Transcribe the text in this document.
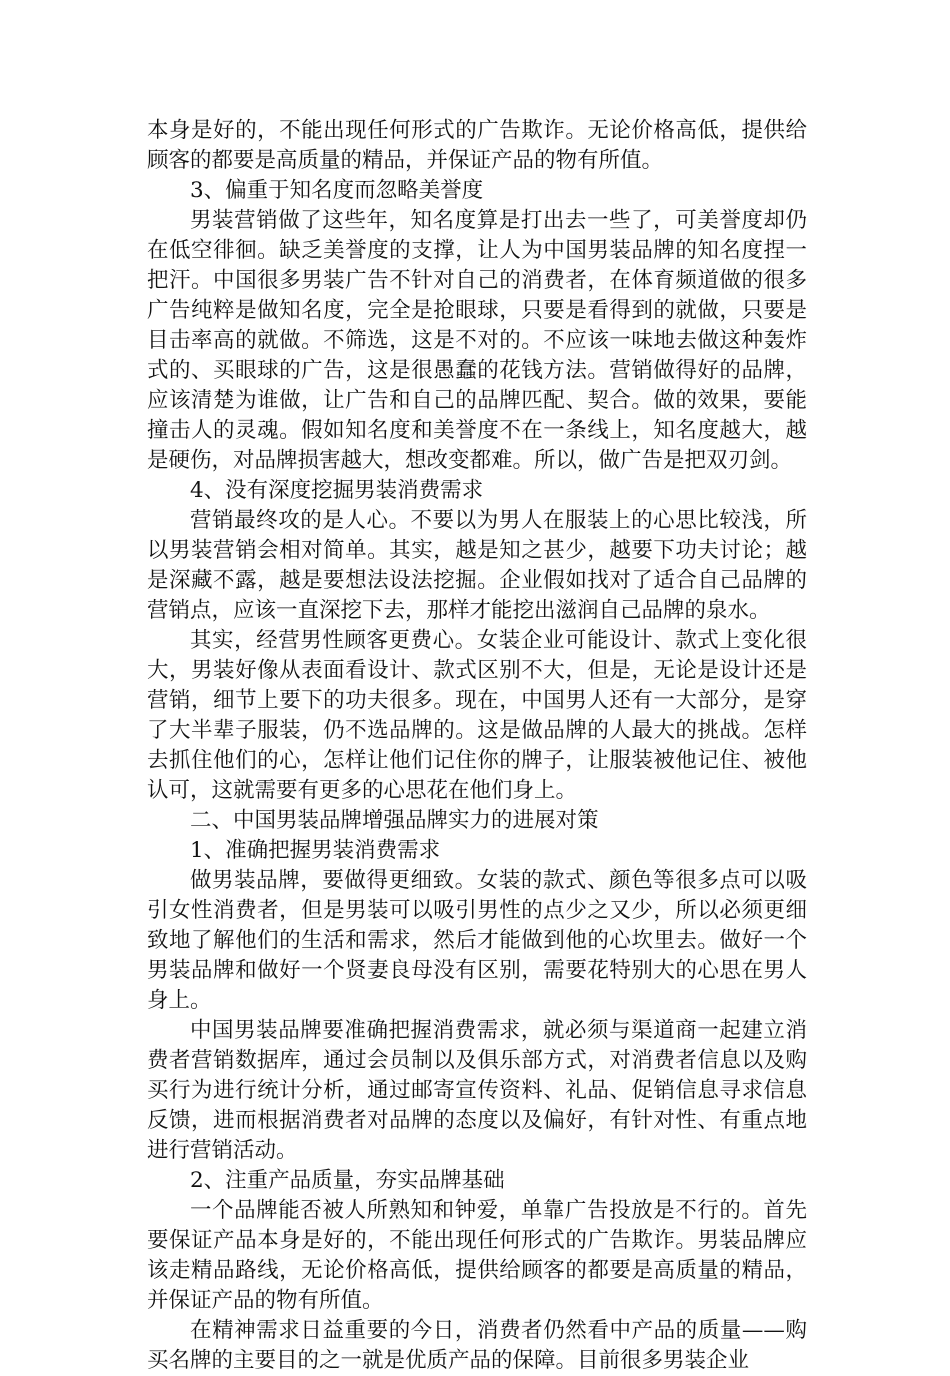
本身是好的，不能出现任何形式的广告欺诈。无论价格高低，提供给顾客的都要是高质量的精品，并保证产品的物有所值。

3、偏重于知名度而忽略美誉度

男装营销做了这些年，知名度算是打出去一些了，可美誉度却仍在低空徘徊。缺乏美誉度的支撑，让人为中国男装品牌的知名度捏一把汗。中国很多男装广告不针对自己的消费者，在体育频道做的很多广告纯粹是做知名度，完全是抢眼球，只要是看得到的就做，只要是目击率高的就做。不筛选，这是不对的。不应该一味地去做这种轰炸式的、买眼球的广告，这是很愚蠢的花钱方法。营销做得好的品牌，应该清楚为谁做，让广告和自己的品牌匹配、契合。做的效果，要能撞击人的灵魂。假如知名度和美誉度不在一条线上，知名度越大，越是硬伤，对品牌损害越大，想改变都难。所以，做广告是把双刃剑。

4、没有深度挖掘男装消费需求

营销最终攻的是人心。不要以为男人在服装上的心思比较浅，所以男装营销会相对简单。其实，越是知之甚少，越要下功夫讨论；越是深藏不露，越是要想法设法挖掘。企业假如找对了适合自己品牌的营销点，应该一直深挖下去，那样才能挖出滋润自己品牌的泉水。

其实，经营男性顾客更费心。女装企业可能设计、款式上变化很大，男装好像从表面看设计、款式区别不大，但是，无论是设计还是营销，细节上要下的功夫很多。现在，中国男人还有一大部分，是穿了大半辈子服装，仍不选品牌的。这是做品牌的人最大的挑战。怎样去抓住他们的心，怎样让他们记住你的牌子，让服装被他记住、被他认可，这就需要有更多的心思花在他们身上。

二、中国男装品牌增强品牌实力的进展对策

1、准确把握男装消费需求

做男装品牌，要做得更细致。女装的款式、颜色等很多点可以吸引女性消费者，但是男装可以吸引男性的点少之又少，所以必须更细致地了解他们的生活和需求，然后才能做到他的心坎里去。做好一个男装品牌和做好一个贤妻良母没有区别，需要花特别大的心思在男人身上。

中国男装品牌要准确把握消费需求，就必须与渠道商一起建立消费者营销数据库，通过会员制以及俱乐部方式，对消费者信息以及购买行为进行统计分析，通过邮寄宣传资料、礼品、促销信息寻求信息反馈，进而根据消费者对品牌的态度以及偏好，有针对性、有重点地进行营销活动。

2、注重产品质量，夯实品牌基础

一个品牌能否被人所熟知和钟爱，单靠广告投放是不行的。首先要保证产品本身是好的，不能出现任何形式的广告欺诈。男装品牌应该走精品路线，无论价格高低，提供给顾客的都要是高质量的精品，并保证产品的物有所值。

在精神需求日益重要的今日，消费者仍然看中产品的质量——购买名牌的主要目的之一就是优质产品的保障。目前很多男装企业
